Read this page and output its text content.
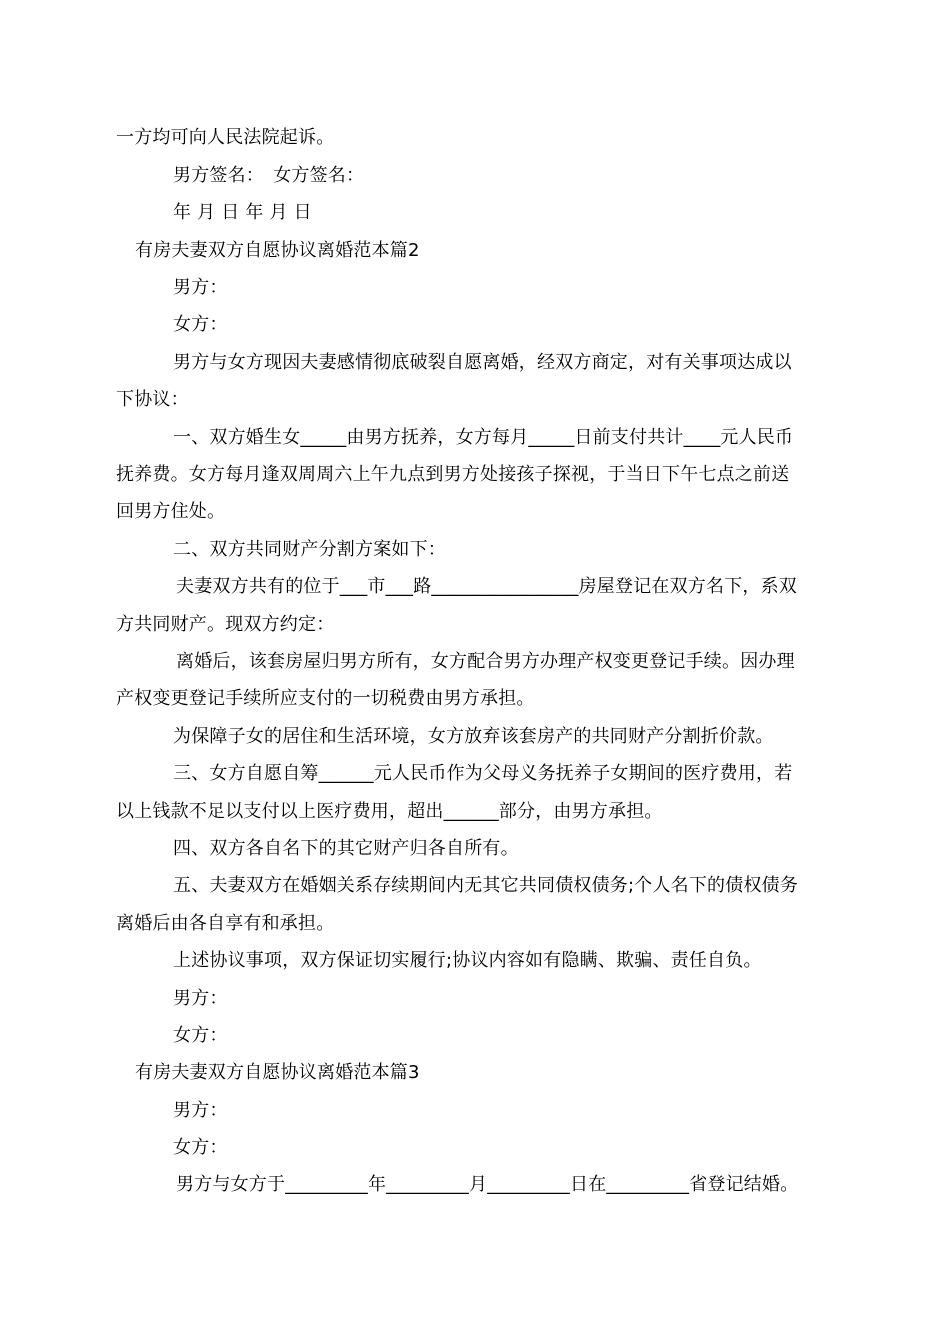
一方均可向人民法院起诉。
男方签名：　女方签名：
年 月 日 年 月 日
有房夫妻双方自愿协议离婚范本篇2
男方：
女方：
男方与女方现因夫妻感情彻底破裂自愿离婚，经双方商定，对有关事项达成以
下协议：
一、双方婚生女_____由男方抚养，女方每月_____日前支付共计____元人民币
抚养费。女方每月逢双周周六上午九点到男方处接孩子探视，于当日下午七点之前送
回男方住处。
二、双方共同财产分割方案如下：
夫妻双方共有的位于___市___路________________房屋登记在双方名下，系双
方共同财产。现双方约定：
离婚后，该套房屋归男方所有，女方配合男方办理产权变更登记手续。因办理
产权变更登记手续所应支付的一切税费由男方承担。
为保障子女的居住和生活环境，女方放弃该套房产的共同财产分割折价款。
三、女方自愿自筹______元人民币作为父母义务抚养子女期间的医疗费用，若
以上钱款不足以支付以上医疗费用，超出______部分，由男方承担。
四、双方各自名下的其它财产归各自所有。
五、夫妻双方在婚姻关系存续期间内无其它共同债权债务;个人名下的债权债务
离婚后由各自享有和承担。
上述协议事项，双方保证切实履行;协议内容如有隐瞒、欺骗、责任自负。
男方：
女方：
有房夫妻双方自愿协议离婚范本篇3
男方：
女方：
男方与女方于_________年_________月_________日在_________省登记结婚。
